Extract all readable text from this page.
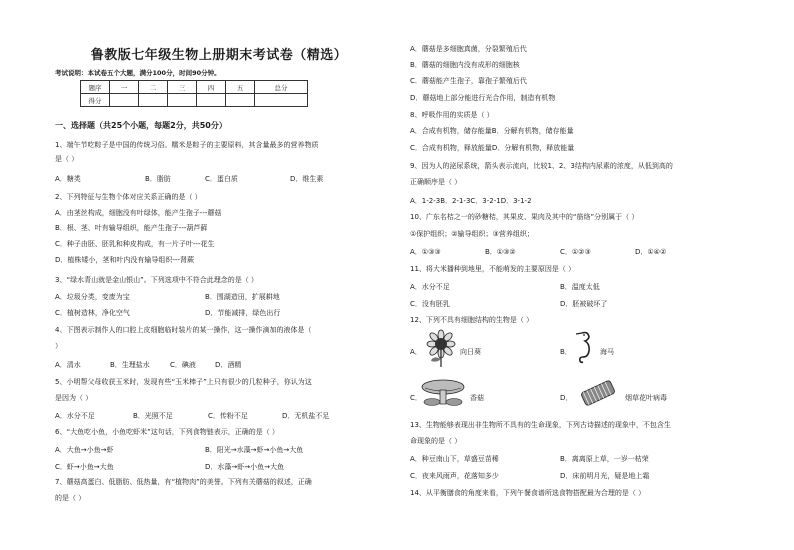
鲁教版七年级生物上册期末考试卷（精选）
考试说明：本试卷五个大题，满分100分，时间90分钟。
题序	一	二	三	四	五	总分
得分						
一、选择题（共25个小题，每题2分，共50分）
1、端午节吃粽子是中国的传统习俗。糯米是粽子的主要原料，其含量最多的营养物质
是（ ）
A．糖类	B．脂肪	C．蛋白质	D．维生素
2、下列特征与生物个体对应关系正确的是（ ）
A．由茎丝构成，细胞没有叶绿体，能产生孢子---蘑菇
B．根、茎、叶有输导组织，能产生孢子---葫芦藓
C．种子由胚、胚乳和种皮构成，有一片子叶---花生
D．植株矮小，茎和叶内没有输导组织---肾蕨
3、“绿水青山就是金山银山”。下列选项中不符合此理念的是（ ）
A．垃圾分类，变废为宝	B．围湖造田，扩展耕地
C．植树造林，净化空气	D．节能减排，绿色出行
4、下图表示制作人的口腔上皮细胞临时装片的某一操作，这一操作滴加的液体是（
）
A．清水	B．生理盐水	C．碘液	D．酒精
5、小明帮父母收获玉米时，发现有些“玉米棒子”上只有很少的几粒种子，你认为这
是因为（ ）
A．水分不足	B．光照不足	C．传粉不足	D．无机盐不足
6、“大鱼吃小鱼，小鱼吃虾米”这句话，下列食物链表示，正确的是（ ）
A．大鱼→小鱼→虾	B．阳光→水藻→虾→小鱼→大鱼
C．虾→小鱼→大鱼	D．水藻→虾→小鱼→大鱼
7、蘑菇高蛋白、低脂肪、低热量，有“植物肉”的美誉。下列有关蘑菇的叙述，正确
的是（ ）
A．蘑菇是多细胞真菌，分裂繁殖后代
B．蘑菇的细胞内没有成形的细胞核
C．蘑菇能产生孢子，靠孢子繁殖后代
D．蘑菇地上部分能进行光合作用，制造有机物
8、呼吸作用的实质是（ ）
A．合成有机物，储存能量B．分解有机物，储存能量
C．合成有机物，释放能量D．分解有机物，释放能量
9、因为人的泌尿系统，箭头表示流向，比较1、2、3结构内尿素的浓度，从低到高的
正确顺序是（ ）
A．1-2-3B．2-1-3C．3-2-1D．3-1-2
10、广东名桔之一的砂糖桔，其果皮、果肉及其中的“筋络”分别属于（ ）
①保护组织；②输导组织；③营养组织；
A．①③③	B．①③②	C．①②③	D．①④②
11、将大米播种到地里，不能萌发的主要原因是（ ）
A．水分不足	B．温度太低
C．没有胚乳	D．胚被破坏了
12、下列不具有细胞结构的生物是（ ）
A．	向日葵	B．	海马
C．	香菇	D．	烟草花叶病毒
13、生物能够表现出非生物所不具有的生命现象，下列古诗描述的现象中，不包含生
命现象的是（ ）
A．种豆南山下，草盛豆苗稀	B．离离原上草，一岁一枯荣
C．夜来风雨声，花落知多少	D．床前明月光，疑是地上霜
14、从平衡膳食的角度来看，下列午餐食谱所选食物搭配最为合理的是（ ）
